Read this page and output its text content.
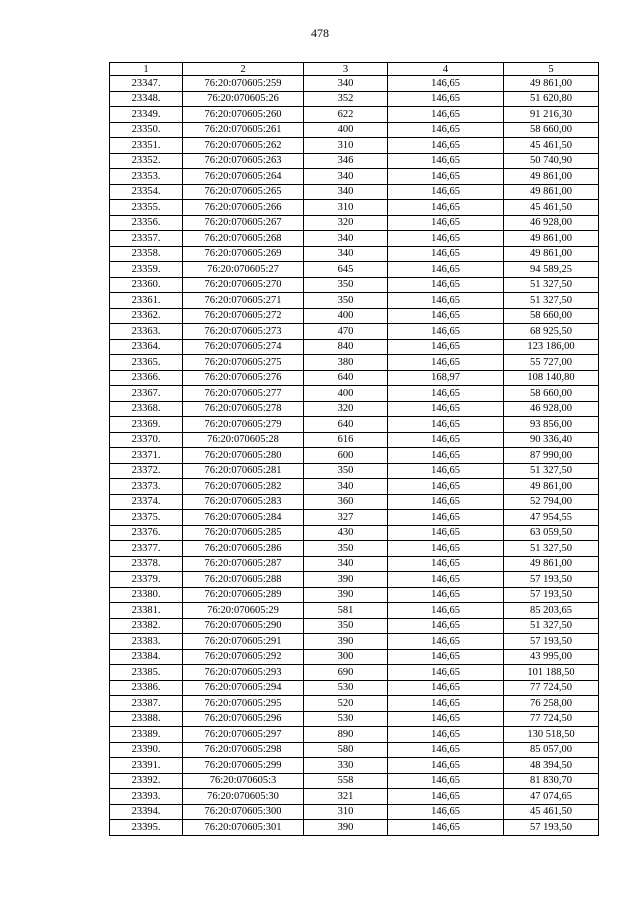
478
1	2	3	4	5
23347.	76:20:070605:259	340	146,65	49 861,00
23348.	76:20:070605:26	352	146,65	51 620,80
23349.	76:20:070605:260	622	146,65	91 216,30
23350.	76:20:070605:261	400	146,65	58 660,00
23351.	76:20:070605:262	310	146,65	45 461,50
23352.	76:20:070605:263	346	146,65	50 740,90
23353.	76:20:070605:264	340	146,65	49 861,00
23354.	76:20:070605:265	340	146,65	49 861,00
23355.	76:20:070605:266	310	146,65	45 461,50
23356.	76:20:070605:267	320	146,65	46 928,00
23357.	76:20:070605:268	340	146,65	49 861,00
23358.	76:20:070605:269	340	146,65	49 861,00
23359.	76:20:070605:27	645	146,65	94 589,25
23360.	76:20:070605:270	350	146,65	51 327,50
23361.	76:20:070605:271	350	146,65	51 327,50
23362.	76:20:070605:272	400	146,65	58 660,00
23363.	76:20:070605:273	470	146,65	68 925,50
23364.	76:20:070605:274	840	146,65	123 186,00
23365.	76:20:070605:275	380	146,65	55 727,00
23366.	76:20:070605:276	640	168,97	108 140,80
23367.	76:20:070605:277	400	146,65	58 660,00
23368.	76:20:070605:278	320	146,65	46 928,00
23369.	76:20:070605:279	640	146,65	93 856,00
23370.	76:20:070605:28	616	146,65	90 336,40
23371.	76:20:070605:280	600	146,65	87 990,00
23372.	76:20:070605:281	350	146,65	51 327,50
23373.	76:20:070605:282	340	146,65	49 861,00
23374.	76:20:070605:283	360	146,65	52 794,00
23375.	76:20:070605:284	327	146,65	47 954,55
23376.	76:20:070605:285	430	146,65	63 059,50
23377.	76:20:070605:286	350	146,65	51 327,50
23378.	76:20:070605:287	340	146,65	49 861,00
23379.	76:20:070605:288	390	146,65	57 193,50
23380.	76:20:070605:289	390	146,65	57 193,50
23381.	76:20:070605:29	581	146,65	85 203,65
23382.	76:20:070605:290	350	146,65	51 327,50
23383.	76:20:070605:291	390	146,65	57 193,50
23384.	76:20:070605:292	300	146,65	43 995,00
23385.	76:20:070605:293	690	146,65	101 188,50
23386.	76:20:070605:294	530	146,65	77 724,50
23387.	76:20:070605:295	520	146,65	76 258,00
23388.	76:20:070605:296	530	146,65	77 724,50
23389.	76:20:070605:297	890	146,65	130 518,50
23390.	76:20:070605:298	580	146,65	85 057,00
23391.	76:20:070605:299	330	146,65	48 394,50
23392.	76:20:070605:3	558	146,65	81 830,70
23393.	76:20:070605:30	321	146,65	47 074,65
23394.	76:20:070605:300	310	146,65	45 461,50
23395.	76:20:070605:301	390	146,65	57 193,50
